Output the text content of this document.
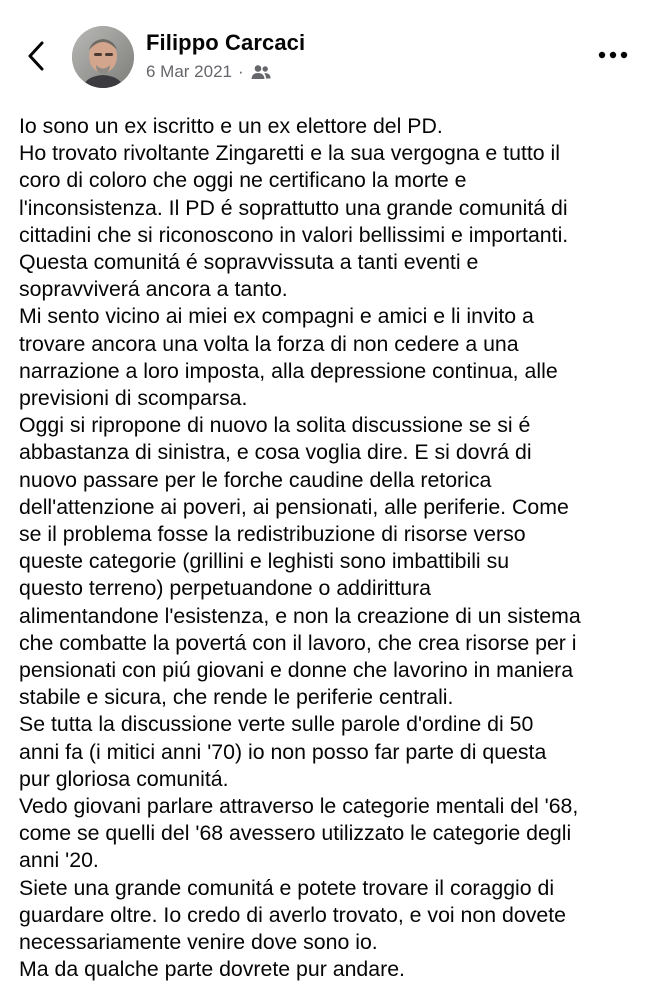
Filippo Carcaci
6 Mar 2021 ·

Io sono un ex iscritto e un ex elettore del PD.

Ho trovato rivoltante Zingaretti e la sua vergogna e tutto il

coro di coloro che oggi ne certificano la morte e

l'inconsistenza. Il PD é soprattutto una grande comunitá di

cittadini che si riconoscono in valori bellissimi e importanti.

Questa comunitá é sopravvissuta a tanti eventi e

sopravviverá ancora a tanto.

Mi sento vicino ai miei ex compagni e amici e li invito a

trovare ancora una volta la forza di non cedere a una

narrazione a loro imposta, alla depressione continua, alle

previsioni di scomparsa.

Oggi si ripropone di nuovo la solita discussione se si é

abbastanza di sinistra, e cosa voglia dire. E si dovrá di

nuovo passare per le forche caudine della retorica

dell'attenzione ai poveri, ai pensionati, alle periferie. Come

se il problema fosse la redistribuzione di risorse verso

queste categorie (grillini e leghisti sono imbattibili su

questo terreno) perpetuandone o addirittura

alimentandone l'esistenza, e non la creazione di un sistema

che combatte la povertá con il lavoro, che crea risorse per i

pensionati con piú giovani e donne che lavorino in maniera

stabile e sicura, che rende le periferie centrali.

Se tutta la discussione verte sulle parole d'ordine di 50

anni fa (i mitici anni '70) io non posso far parte di questa

pur gloriosa comunitá.

Vedo giovani parlare attraverso le categorie mentali del '68,

come se quelli del '68 avessero utilizzato le categorie degli

anni '20.

Siete una grande comunitá e potete trovare il coraggio di

guardare oltre. Io credo di averlo trovato, e voi non dovete

necessariamente venire dove sono io.

Ma da qualche parte dovrete pur andare.
